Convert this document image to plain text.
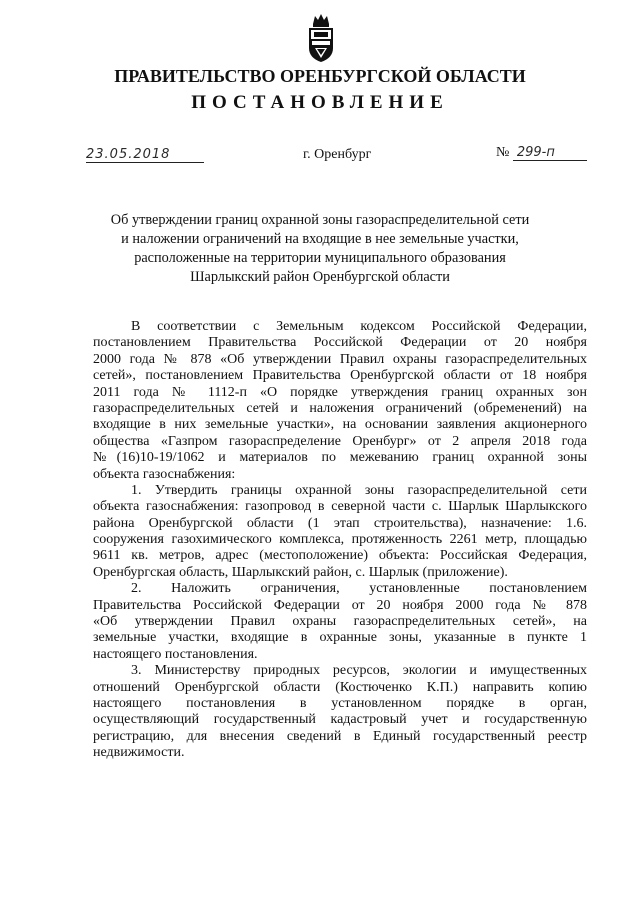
ПРАВИТЕЛЬСТВО ОРЕНБУРГСКОЙ ОБЛАСТИ
ПОСТАНОВЛЕНИЕ
23.05.2018	г. Оренбург	№ 299-п
Об утверждении границ охранной зоны газораспределительной сети
и наложении ограничений на входящие в нее земельные участки,
расположенные на территории муниципального образования
Шарлыкский район Оренбургской области
В соответствии с Земельным кодексом Российской Федерации,
постановлением Правительства Российской Федерации от 20 ноября
2000 года № 878 «Об утверждении Правил охраны газораспределительных
сетей», постановлением Правительства Оренбургской области от 18 ноября
2011 года № 1112-п «О порядке утверждения границ охранных зон
газораспределительных сетей и наложения ограничений (обременений) на
входящие в них земельные участки», на основании заявления акционерного
общества «Газпром газораспределение Оренбург» от 2 апреля 2018 года
№(16)10-19/1062 и материалов по межеванию границ охранной зоны
объекта газоснабжения:
1. Утвердить границы охранной зоны газораспределительной сети
объекта газоснабжения: газопровод в северной части с. Шарлык Шарлыкского
района Оренбургской области (1 этап строительства), назначение: 1.6.
сооружения газохимического комплекса, протяженность 2261 метр, площадью
9611 кв. метров, адрес (местоположение) объекта: Российская Федерация,
Оренбургская область, Шарлыкский район, с. Шарлык (приложение).
2. Наложить ограничения, установленные постановлением
Правительства Российской Федерации от 20 ноября 2000 года № 878
«Об утверждении Правил охраны газораспределительных сетей», на
земельные участки, входящие в охранные зоны, указанные в пункте 1
настоящего постановления.
3. Министерству природных ресурсов, экологии и имущественных
отношений Оренбургской области (Костюченко К.П.) направить копию
настоящего постановления в установленном порядке в орган,
осуществляющий государственный кадастровый учет и государственную
регистрацию, для внесения сведений в Единый государственный реестр
недвижимости.
